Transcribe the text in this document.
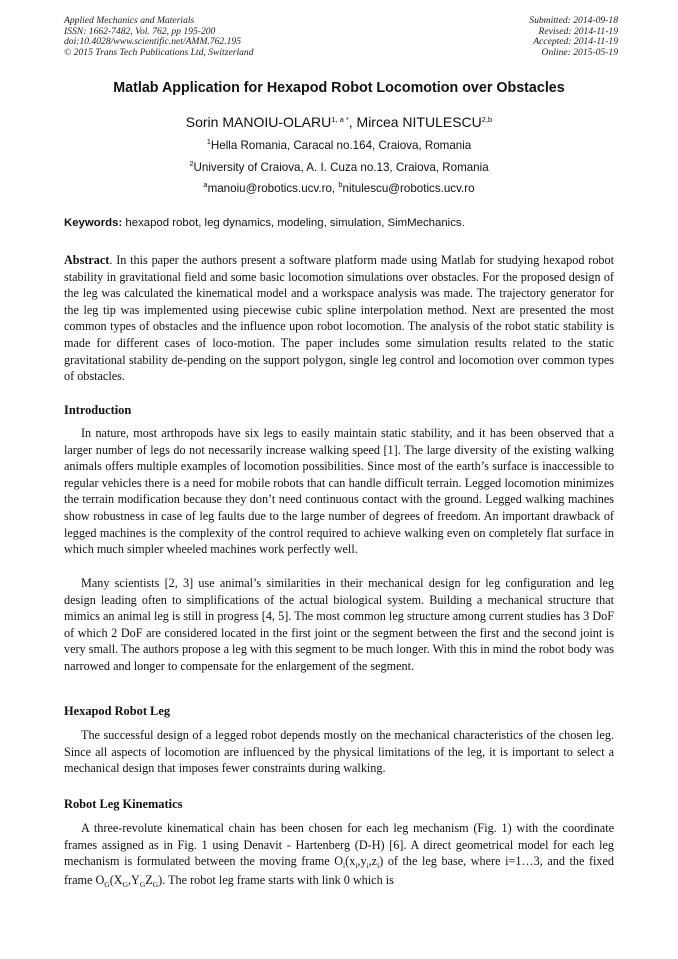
Applied Mechanics and Materials
ISSN: 1662-7482, Vol. 762, pp 195-200
doi:10.4028/www.scientific.net/AMM.762.195
© 2015 Trans Tech Publications Ltd, Switzerland
Submitted: 2014-09-18
Revised: 2014-11-19
Accepted: 2014-11-19
Online: 2015-05-19
Matlab Application for Hexapod Robot Locomotion over Obstacles
Sorin MANOIU-$OLARU^{1, a *}$, Mircea NITULESCU$^{2,b}$
$^1$Hella Romania, Caracal no.164, Craiova, Romania
$^2$University of Craiova, A. I. Cuza no.13, Craiova, Romania
$^a$manoiu@robotics.ucv.ro, $^b$nitulescu@robotics.ucv.ro
Keywords: hexapod robot, leg dynamics, modeling, simulation, SimMechanics.
Abstract. In this paper the authors present a software platform made using Matlab for studying hexapod robot stability in gravitational field and some basic locomotion simulations over obstacles. For the proposed design of the leg was calculated the kinematical model and a workspace analysis was made. The trajectory generator for the leg tip was implemented using piecewise cubic spline interpolation method. Next are presented the most common types of obstacles and the influence upon robot locomotion. The analysis of the robot static stability is made for different cases of loco-motion. The paper includes some simulation results related to the static gravitational stability de-pending on the support polygon, single leg control and locomotion over common types of obstacles.
Introduction
In nature, most arthropods have six legs to easily maintain static stability, and it has been observed that a larger number of legs do not necessarily increase walking speed [1]. The large diversity of the existing walking animals offers multiple examples of locomotion possibilities. Since most of the earth’s surface is inaccessible to regular vehicles there is a need for mobile robots that can handle difficult terrain. Legged locomotion minimizes the terrain modification because they don’t need continuous contact with the ground. Legged walking machines show robustness in case of leg faults due to the large number of degrees of freedom. An important drawback of legged machines is the complexity of the control required to achieve walking even on completely flat surface in which much simpler wheeled machines work perfectly well.
Many scientists [2, 3] use animal’s similarities in their mechanical design for leg configuration and leg design leading often to simplifications of the actual biological system. Building a mechanical structure that mimics an animal leg is still in progress [4, 5]. The most common leg structure among current studies has 3 DoF of which 2 DoF are considered located in the first joint or the segment between the first and the second joint is very small. The authors propose a leg with this segment to be much longer. With this in mind the robot body was narrowed and longer to compensate for the enlargement of the segment.
Hexapod Robot Leg
The successful design of a legged robot depends mostly on the mechanical characteristics of the chosen leg. Since all aspects of locomotion are influenced by the physical limitations of the leg, it is important to select a mechanical design that imposes fewer constraints during walking.
Robot Leg Kinematics
A three-revolute kinematical chain has been chosen for each leg mechanism (Fig. 1) with the coordinate frames assigned as in Fig. 1 using Denavit - Hartenberg (D-H) [6]. A direct geometrical model for each leg mechanism is formulated between the moving frame $O_i(x_i,y_i,z_i)$ of the leg base, where i=1…3, and the fixed frame $O_G(X_G,Y_GZ_G)$. The robot leg frame starts with link 0 which is
